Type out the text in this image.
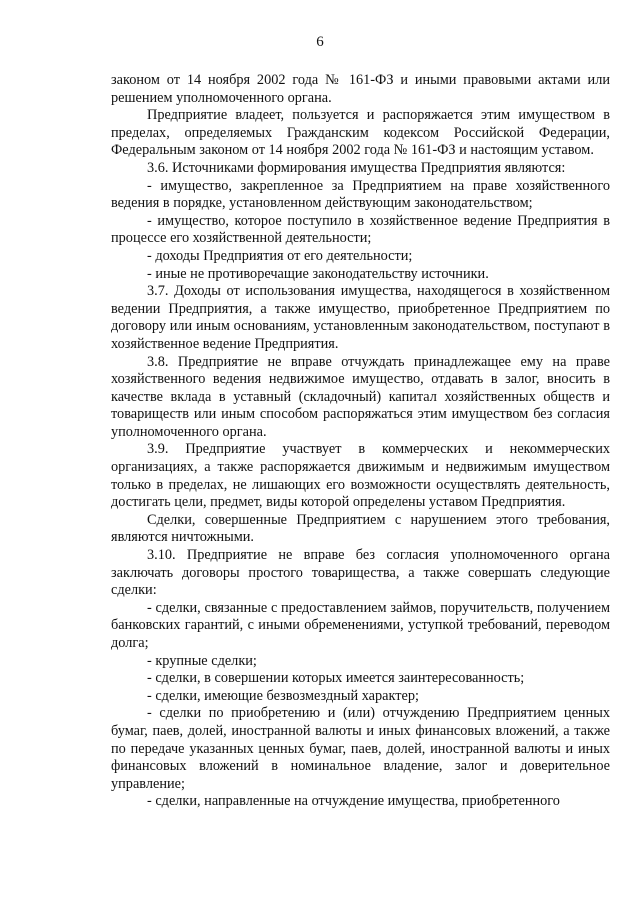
6

законом от 14 ноября 2002 года № 161-ФЗ и иными правовыми актами или решением уполномоченного органа.

Предприятие владеет, пользуется и распоряжается этим имуществом в пределах, определяемых Гражданским кодексом Российской Федерации, Федеральным законом от 14 ноября 2002 года № 161-ФЗ и настоящим уставом.

3.6. Источниками формирования имущества Предприятия являются:

- имущество, закрепленное за Предприятием на праве хозяйственного ведения в порядке, установленном действующим законодательством;

- имущество, которое поступило в хозяйственное ведение Предприятия в процессе его хозяйственной деятельности;

- доходы Предприятия от его деятельности;

- иные не противоречащие законодательству источники.

3.7. Доходы от использования имущества, находящегося в хозяйственном ведении Предприятия, а также имущество, приобретенное Предприятием по договору или иным основаниям, установленным законодательством, поступают в хозяйственное ведение Предприятия.

3.8. Предприятие не вправе отчуждать принадлежащее ему на праве хозяйственного ведения недвижимое имущество, отдавать в залог, вносить в качестве вклада в уставный (складочный) капитал хозяйственных обществ и товариществ или иным способом распоряжаться этим имуществом без согласия уполномоченного органа.

3.9. Предприятие участвует в коммерческих и некоммерческих организациях, а также распоряжается движимым и недвижимым имуществом только в пределах, не лишающих его возможности осуществлять деятельность, достигать цели, предмет, виды которой определены уставом Предприятия.

Сделки, совершенные Предприятием с нарушением этого требования, являются ничтожными.

3.10. Предприятие не вправе без согласия уполномоченного органа заключать договоры простого товарищества, а также совершать следующие сделки:

- сделки, связанные с предоставлением займов, поручительств, получением банковских гарантий, с иными обременениями, уступкой требований, переводом долга;

- крупные сделки;

- сделки, в совершении которых имеется заинтересованность;

- сделки, имеющие безвозмездный характер;

- сделки по приобретению и (или) отчуждению Предприятием ценных бумаг, паев, долей, иностранной валюты и иных финансовых вложений, а также по передаче указанных ценных бумаг, паев, долей, иностранной валюты и иных финансовых вложений в номинальное владение, залог и доверительное управление;

- сделки, направленные на отчуждение имущества, приобретенного
